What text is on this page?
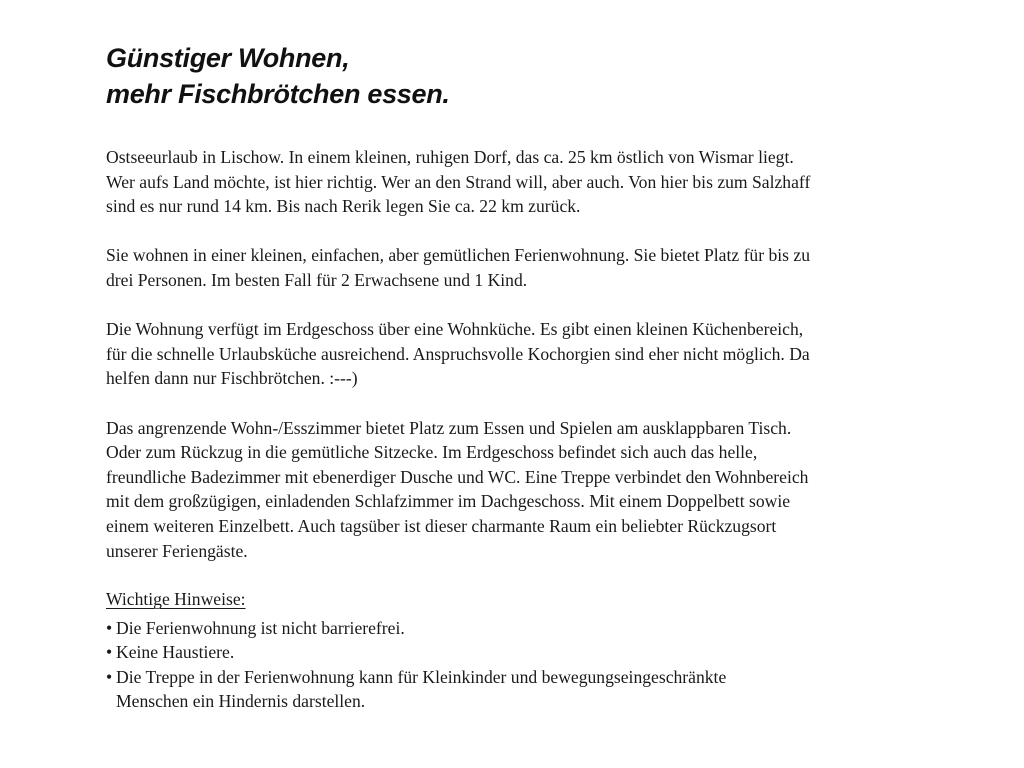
Günstiger Wohnen,
mehr Fischbrötchen essen.

Ostseeurlaub in Lischow. In einem kleinen, ruhigen Dorf, das ca. 25 km östlich von Wismar liegt.
Wer aufs Land möchte, ist hier richtig. Wer an den Strand will, aber auch. Von hier bis zum Salzhaff
sind es nur rund 14 km. Bis nach Rerik legen Sie ca. 22 km zurück.

Sie wohnen in einer kleinen, einfachen, aber gemütlichen Ferienwohnung. Sie bietet Platz für bis zu
drei Personen. Im besten Fall für 2 Erwachsene und 1 Kind.

Die Wohnung verfügt im Erdgeschoss über eine Wohnküche. Es gibt einen kleinen Küchenbereich,
für die schnelle Urlaubsküche ausreichend. Anspruchsvolle Kochorgien sind eher nicht möglich. Da
helfen dann nur Fischbrötchen. :---)

Das angrenzende Wohn-/Esszimmer bietet Platz zum Essen und Spielen am ausklappbaren Tisch.
Oder zum Rückzug in die gemütliche Sitzecke. Im Erdgeschoss befindet sich auch das helle,
freundliche Badezimmer mit ebenerdiger Dusche und WC. Eine Treppe verbindet den Wohnbereich
mit dem großzügigen, einladenden Schlafzimmer im Dachgeschoss. Mit einem Doppelbett sowie
einem weiteren Einzelbett. Auch tagsüber ist dieser charmante Raum ein beliebter Rückzugsort
unserer Feriengäste.

Wichtige Hinweise:
• Die Ferienwohnung ist nicht barrierefrei.
• Keine Haustiere.
• Die Treppe in der Ferienwohnung kann für Kleinkinder und bewegungseingeschränkte
Menschen ein Hindernis darstellen.
